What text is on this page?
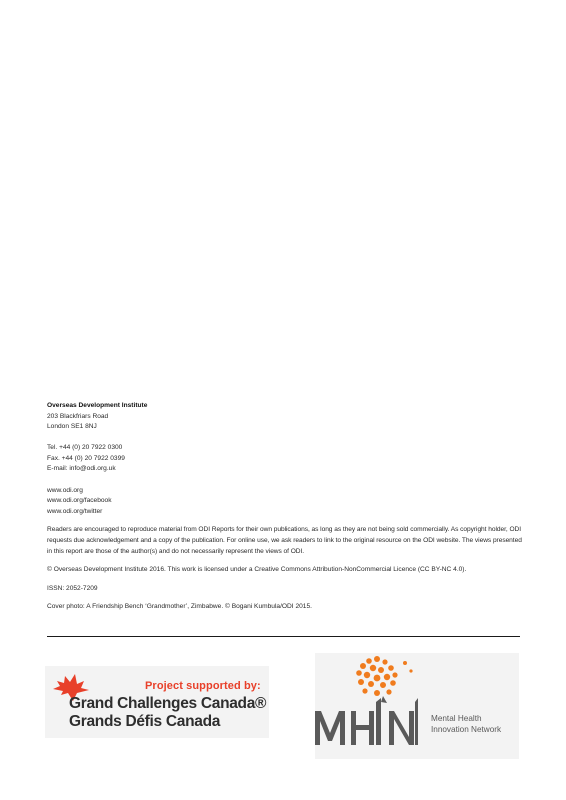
Overseas Development Institute

203 Blackfriars Road

London SE1 8NJ

Tel. +44 (0) 20 7922 0300

Fax. +44 (0) 20 7922 0399

E-mail: info@odi.org.uk

www.odi.org

www.odi.org/facebook

www.odi.org/twitter

Readers are encouraged to reproduce material from ODI Reports for their own publications, as long as they are not being sold commercially. As copyright holder, ODI requests due acknowledgement and a copy of the publication. For online use, we ask readers to link to the original resource on the ODI website. The views presented in this report are those of the author(s) and do not necessarily represent the views of ODI.

© Overseas Development Institute 2016. This work is licensed under a Creative Commons Attribution-NonCommercial Licence (CC BY-NC 4.0).

ISSN: 2052-7209

Cover photo: A Friendship Bench ‘Grandmother’, Zimbabwe. © Bogani Kumbula/ODI 2015.

Project supported by:
Grand Challenges Canada®
Grands Défis Canada	Mental Health
Innovation Network
